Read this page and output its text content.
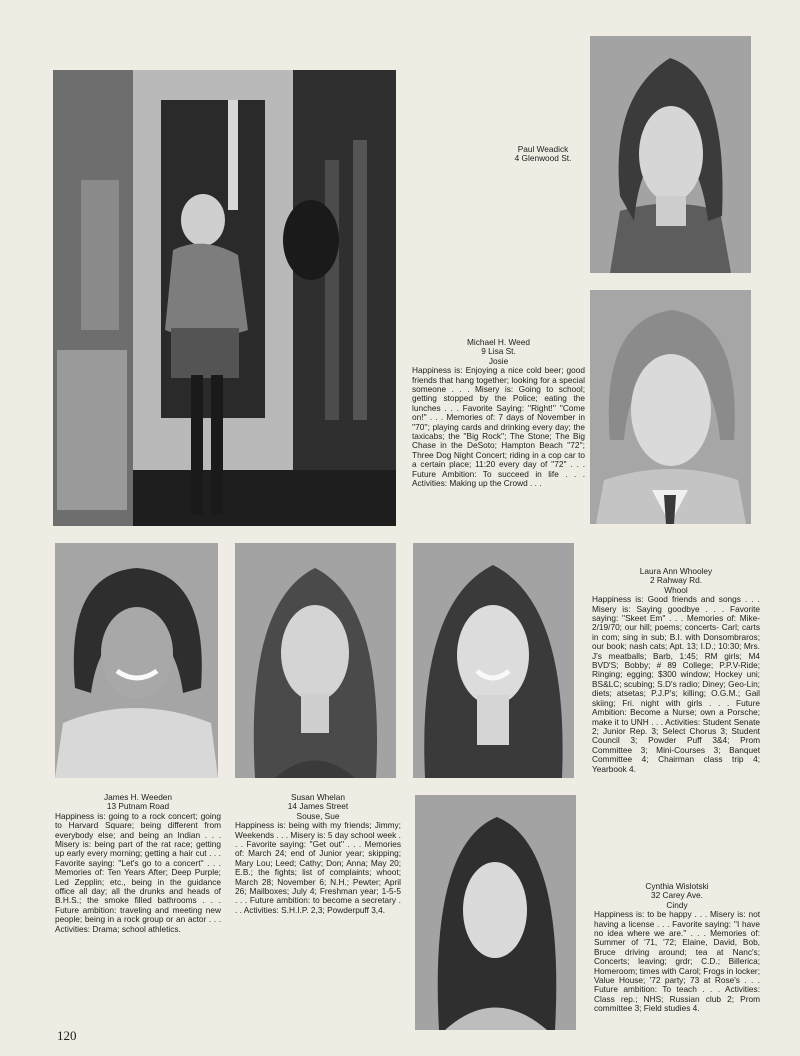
Paul Weadick
4 Glenwood St.
Michael H. Weed
9 Lisa St.
Josie
Happiness is: Enjoying a nice cold beer; good friends that hang together; looking for a special someone . . . Misery is: Going to school; getting stopped by the Police; eating the lunches . . . Favorite Saying: ''Right!'' ''Come on!'' . . . Memories of: 7 days of November in ''70''; playing cards and drinking every day; the taxicabs; the ''Big Rock''; The Stone; The Big Chase in the DeSoto; Hampton Beach ''72''; Three Dog Night Concert; riding in a cop car to a certain place; 11:20 every day of ''72'' . . . Future Ambition: To succeed in life . . . Activities: Making up the Crowd . . .
Laura Ann Whooley
2 Rahway Rd.
Whool
Happiness is: Good friends and songs . . . Misery is: Saying goodbye . . . Favorite saying: ''Skeet Em'' . . . Memories of: Mike-2/19/70; our hill; poems; concerts- Carl; carts in com; sing in sub; B.I. with Donsombraros; our book; nash cats; Apt. 13; I.D.; 10:30; Mrs. J's meatballs; Barb, 1:45; RM girls; M4 BVD'S; Bobby; # 89 College; P.P.V-Ride; Ringing; egging; $300 window; Hockey uni; BS&LC; scubing; S.D's radio; Diney; Geo-Lin; diets; atsetas; P.J.P's; killing; O.G.M.; Gail skiing; Fri. night with girls . . . Future Ambition: Become a Nurse; own a Porsche; make it to UNH . . . Activities: Student Senate 2; Junior Rep. 3; Select Chorus 3; Student Council 3; Powder Puff 3&4; Prom Committee 3; Mini-Courses 3; Banquet Committee 4; Chairman class trip 4; Yearbook 4.
James H. Weeden
13 Putnam Road
Happiness is: going to a rock concert; going to Harvard Square; being different from everybody else; and being an Indian . . . Misery is: being part of the rat race; getting up early every morning; getting a hair cut . . . Favorite saying: ''Let's go to a concert'' . . . Memories of: Ten Years After; Deep Purple; Led Zepplin; etc., being in the guidance office all day; all the drunks and heads of B.H.S.; the smoke filled bathrooms . . . Future ambition: traveling and meeting new people; being in a rock group or an actor . . . Activities: Drama; school athletics.
Susan Whelan
14 James Street
Souse, Sue
Happiness is: being with my friends; Jimmy; Weekends . . . Misery is: 5 day school week . . . Favorite saying: ''Get out'' . . . Memories of: March 24; end of Junior year; skipping; Mary Lou; Leed; Cathy; Don; Anna; May 20; E.B.; the fights; list of complaints; whoot; March 28; November 6; N.H.; Pewter; April 26; Mailboxes; July 4; Freshman year; 1-5-5 . . . Future ambition: to become a secretary . . . Activities: S.H.I.P. 2,3; Powderpuff 3,4.
Cynthia Wislotski
32 Carey Ave.
Cindy
Happiness is: to be happy . . . Misery is: not having a license . . . Favorite saying: ''I have no idea where we are.'' . . . Memories of: Summer of '71, '72; Elaine, David, Bob, Bruce driving around; tea at Nanc's; Concerts; leaving; grdr; C.D.; Billerica; Homeroom; times with Carol; Frogs in locker; Value House; '72 party; 73 at Rose's . . . Future ambition: To teach . . . Activities: Class rep.; NHS; Russian club 2; Prom committee 3; Field studies 4.
120
